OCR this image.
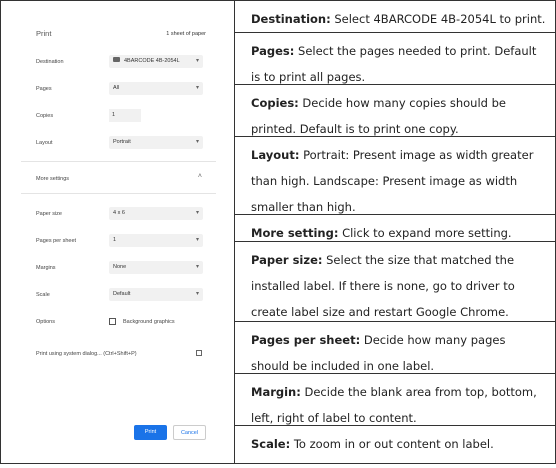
Print	1 sheet of paper
Destination	4BARCODE 4B-2054L	▾
Pages	All	▾
Copies	1
Layout	Portrait	▾
More settings	˄
Paper size	4 x 6	▾
Pages per sheet	1	▾
Margins	None	▾
Scale	Default	▾
Options	Background graphics
Print using system dialog... (Ctrl+Shift+P)
Print	Cancel

Destination: Select 4BARCODE 4B-2054L to print.

Pages: Select the pages needed to print. Default is to print all pages.

Copies: Decide how many copies should be printed. Default is to print one copy.

Layout: Portrait: Present image as width greater than high. Landscape: Present image as width smaller than high.

More setting: Click to expand more setting.

Paper size: Select the size that matched the installed label. If there is none, go to driver to create label size and restart Google Chrome.

Pages per sheet: Decide how many pages should be included in one label.

Margin: Decide the blank area from top, bottom, left, right of label to content.

Scale: To zoom in or out content on label.
